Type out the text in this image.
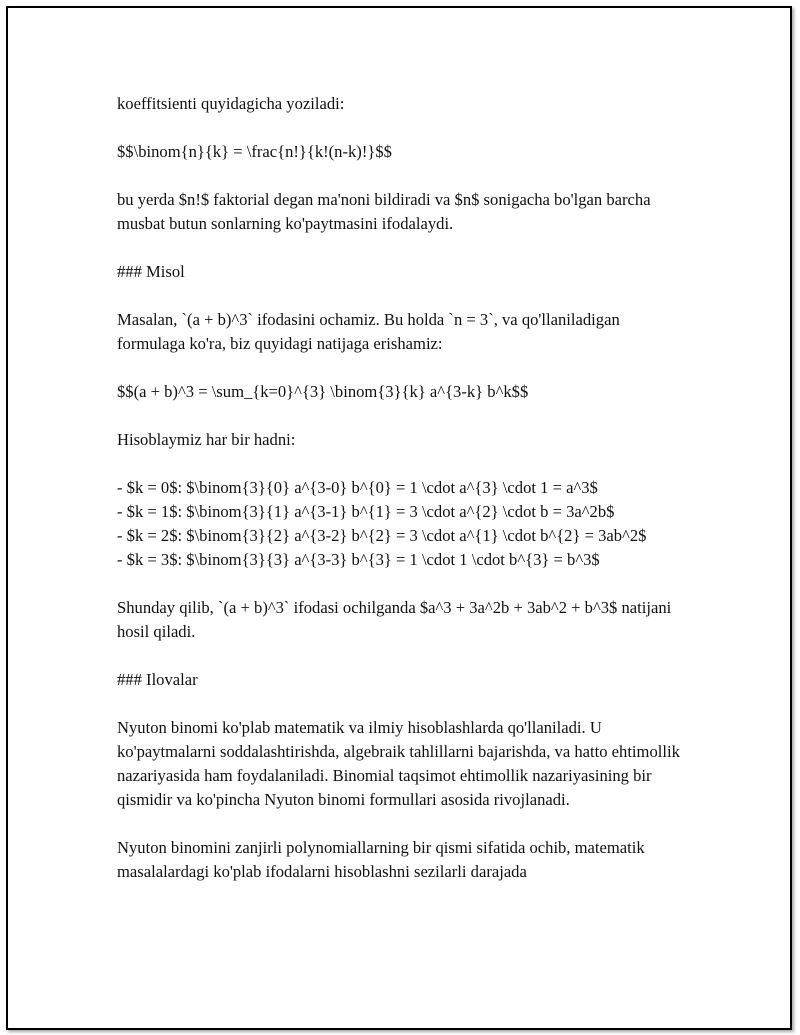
koeffitsienti quyidagicha yoziladi:

$$\binom{n}{k} = \frac{n!}{k!(n-k)!}$$

bu yerda $n!$ faktorial degan ma'noni bildiradi va $n$ sonigacha bo'lgan barcha musbat butun sonlarning ko'paytmasini ifodalaydi.

### Misol

Masalan, `(a + b)^3` ifodasini ochamiz. Bu holda `n = 3`, va qo'llaniladigan formulaga ko'ra, biz quyidagi natijaga erishamiz:

$$(a + b)^3 = \sum_{k=0}^{3} \binom{3}{k} a^{3-k} b^k$$

Hisoblaymiz har bir hadni:

- $k = 0$: $\binom{3}{0} a^{3-0} b^{0} = 1 \cdot a^{3} \cdot 1 = a^3$
- $k = 1$: $\binom{3}{1} a^{3-1} b^{1} = 3 \cdot a^{2} \cdot b = 3a^2b$
- $k = 2$: $\binom{3}{2} a^{3-2} b^{2} = 3 \cdot a^{1} \cdot b^{2} = 3ab^2$
- $k = 3$: $\binom{3}{3} a^{3-3} b^{3} = 1 \cdot 1 \cdot b^{3} = b^3$

Shunday qilib, `(a + b)^3` ifodasi ochilganda $a^3 + 3a^2b + 3ab^2 + b^3$ natijani hosil qiladi.

### Ilovalar

Nyuton binomi ko'plab matematik va ilmiy hisoblashlarda qo'llaniladi. U ko'paytmalarni soddalashtirishda, algebraik tahlillarni bajarishda, va hatto ehtimollik nazariyasida ham foydalaniladi. Binomial taqsimot ehtimollik nazariyasining bir qismidir va ko'pincha Nyuton binomi formullari asosida rivojlanadi.

Nyuton binomini zanjirli polynomiallarning bir qismi sifatida ochib, matematik masalalardagi ko'plab ifodalarni hisoblashni sezilarli darajada
